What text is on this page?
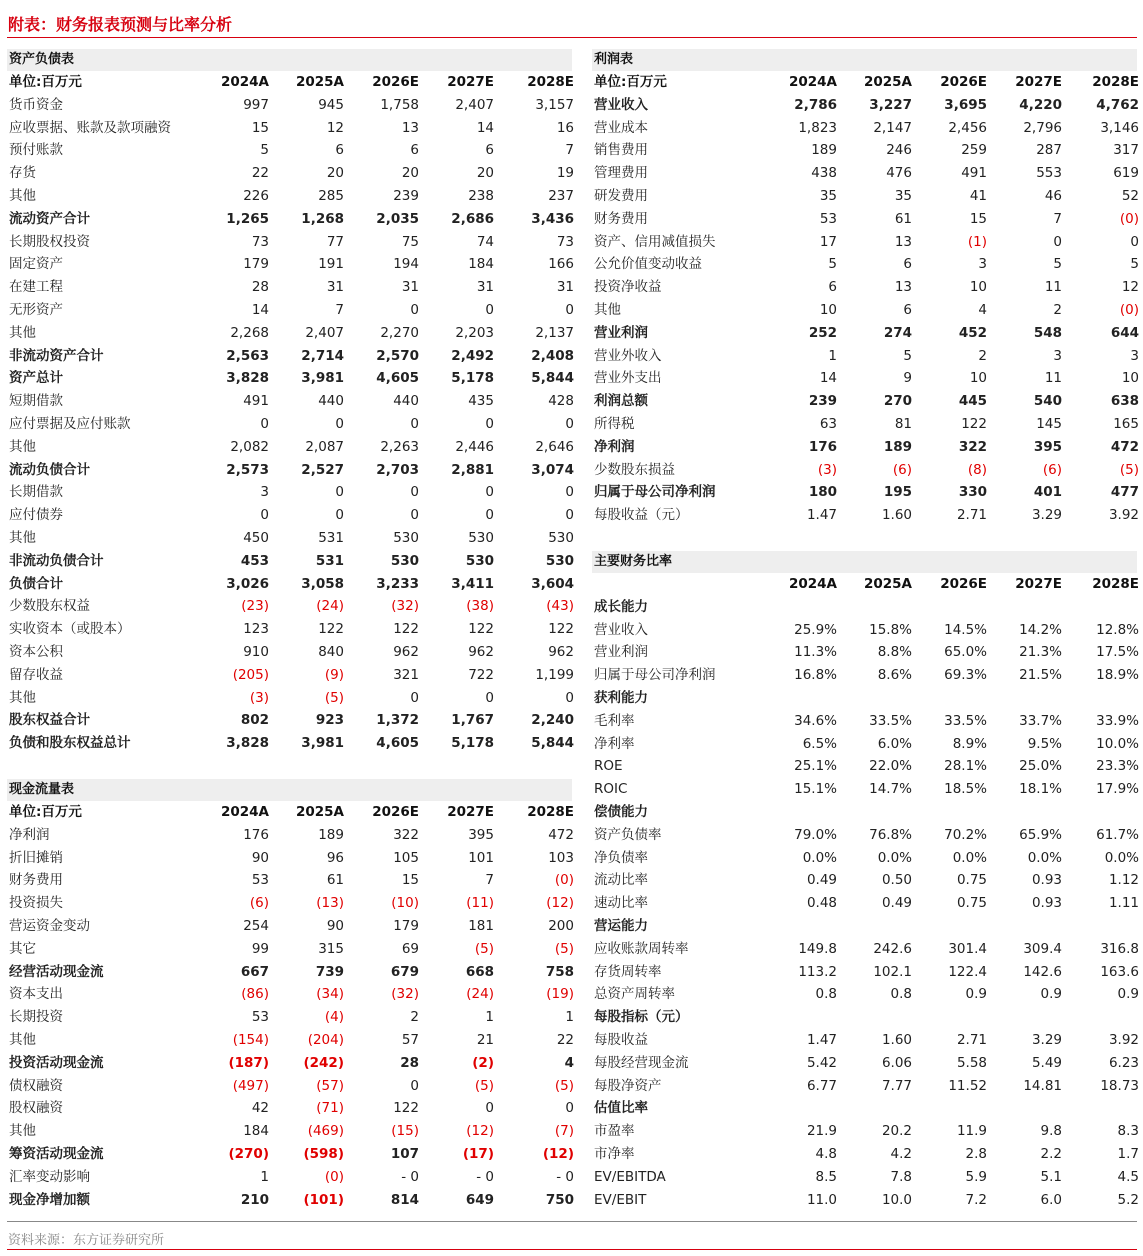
附表：财务报表预测与比率分析
资产负债表
单位:百万元	2024A	2025A	2026E	2027E	2028E
货币资金	997	945	1,758	2,407	3,157
应收票据、账款及款项融资	15	12	13	14	16
预付账款	5	6	6	6	7
存货	22	20	20	20	19
其他	226	285	239	238	237
流动资产合计	1,265	1,268	2,035	2,686	3,436
长期股权投资	73	77	75	74	73
固定资产	179	191	194	184	166
在建工程	28	31	31	31	31
无形资产	14	7	0	0	0
其他	2,268	2,407	2,270	2,203	2,137
非流动资产合计	2,563	2,714	2,570	2,492	2,408
资产总计	3,828	3,981	4,605	5,178	5,844
短期借款	491	440	440	435	428
应付票据及应付账款	0	0	0	0	0
其他	2,082	2,087	2,263	2,446	2,646
流动负债合计	2,573	2,527	2,703	2,881	3,074
长期借款	3	0	0	0	0
应付债券	0	0	0	0	0
其他	450	531	530	530	530
非流动负债合计	453	531	530	530	530
负债合计	3,026	3,058	3,233	3,411	3,604
少数股东权益	(23)	(24)	(32)	(38)	(43)
实收资本（或股本）	123	122	122	122	122
资本公积	910	840	962	962	962
留存收益	(205)	(9)	321	722	1,199
其他	(3)	(5)	0	0	0
股东权益合计	802	923	1,372	1,767	2,240
负债和股东权益总计	3,828	3,981	4,605	5,178	5,844
现金流量表
单位:百万元	2024A	2025A	2026E	2027E	2028E
净利润	176	189	322	395	472
折旧摊销	90	96	105	101	103
财务费用	53	61	15	7	(0)
投资损失	(6)	(13)	(10)	(11)	(12)
营运资金变动	254	90	179	181	200
其它	99	315	69	(5)	(5)
经营活动现金流	667	739	679	668	758
资本支出	(86)	(34)	(32)	(24)	(19)
长期投资	53	(4)	2	1	1
其他	(154)	(204)	57	21	22
投资活动现金流	(187)	(242)	28	(2)	4
债权融资	(497)	(57)	0	(5)	(5)
股权融资	42	(71)	122	0	0
其他	184	(469)	(15)	(12)	(7)
筹资活动现金流	(270)	(598)	107	(17)	(12)
汇率变动影响	1	(0)	- 0	- 0	- 0
现金净增加额	210	(101)	814	649	750
利润表
单位:百万元	2024A	2025A	2026E	2027E	2028E
营业收入	2,786	3,227	3,695	4,220	4,762
营业成本	1,823	2,147	2,456	2,796	3,146
销售费用	189	246	259	287	317
管理费用	438	476	491	553	619
研发费用	35	35	41	46	52
财务费用	53	61	15	7	(0)
资产、信用减值损失	17	13	(1)	0	0
公允价值变动收益	5	6	3	5	5
投资净收益	6	13	10	11	12
其他	10	6	4	2	(0)
营业利润	252	274	452	548	644
营业外收入	1	5	2	3	3
营业外支出	14	9	10	11	10
利润总额	239	270	445	540	638
所得税	63	81	122	145	165
净利润	176	189	322	395	472
少数股东损益	(3)	(6)	(8)	(6)	(5)
归属于母公司净利润	180	195	330	401	477
每股收益（元）	1.47	1.60	2.71	3.29	3.92
主要财务比率
2024A	2025A	2026E	2027E	2028E
成长能力
营业收入	25.9%	15.8%	14.5%	14.2%	12.8%
营业利润	11.3%	8.8%	65.0%	21.3%	17.5%
归属于母公司净利润	16.8%	8.6%	69.3%	21.5%	18.9%
获利能力
毛利率	34.6%	33.5%	33.5%	33.7%	33.9%
净利率	6.5%	6.0%	8.9%	9.5%	10.0%
ROE	25.1%	22.0%	28.1%	25.0%	23.3%
ROIC	15.1%	14.7%	18.5%	18.1%	17.9%
偿债能力
资产负债率	79.0%	76.8%	70.2%	65.9%	61.7%
净负债率	0.0%	0.0%	0.0%	0.0%	0.0%
流动比率	0.49	0.50	0.75	0.93	1.12
速动比率	0.48	0.49	0.75	0.93	1.11
营运能力
应收账款周转率	149.8	242.6	301.4	309.4	316.8
存货周转率	113.2	102.1	122.4	142.6	163.6
总资产周转率	0.8	0.8	0.9	0.9	0.9
每股指标（元）
每股收益	1.47	1.60	2.71	3.29	3.92
每股经营现金流	5.42	6.06	5.58	5.49	6.23
每股净资产	6.77	7.77	11.52	14.81	18.73
估值比率
市盈率	21.9	20.2	11.9	9.8	8.3
市净率	4.8	4.2	2.8	2.2	1.7
EV/EBITDA	8.5	7.8	5.9	5.1	4.5
EV/EBIT	11.0	10.0	7.2	6.0	5.2
资料来源：东方证券研究所
